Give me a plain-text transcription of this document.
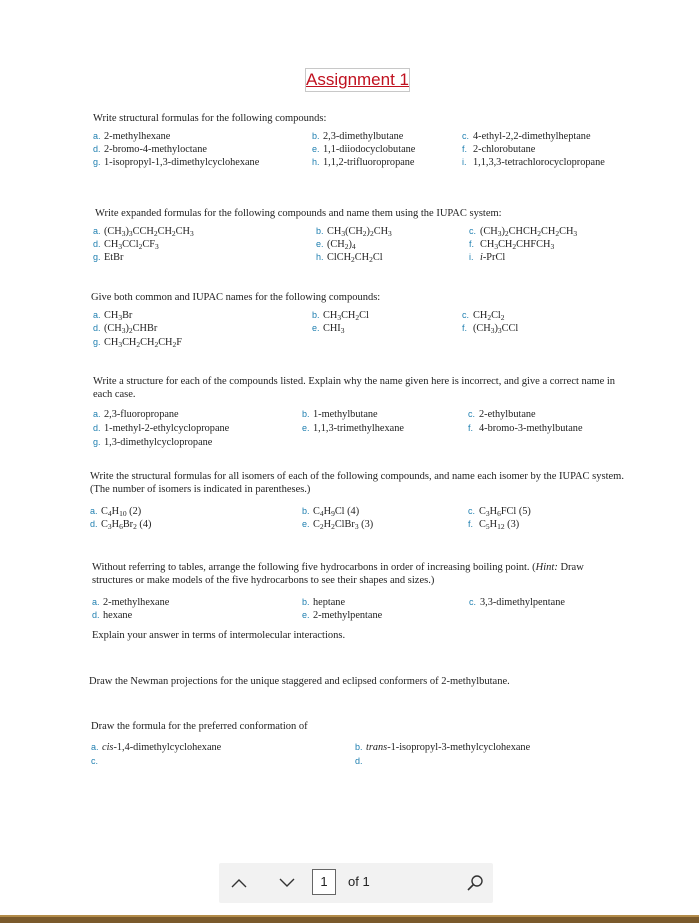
Assignment 1
Write structural formulas for the following compounds:
a. 2-methylhexane	b. 2,3-dimethylbutane	c. 4-ethyl-2,2-dimethylheptane
d. 2-bromo-4-methyloctane	e. 1,1-diiodocyclobutane	f. 2-chlorobutane
g. 1-isopropyl-1,3-dimethylcyclohexane	h. 1,1,2-trifluoropropane	i. 1,1,3,3-tetrachlorocyclopropane
Write expanded formulas for the following compounds and name them using the IUPAC system:
a. $(CH_3)_3CCH_2CH_2CH_3$	b. $CH_3(CH_2)_2CH_3$	c. $(CH_3)_2CHCH_2CH_2CH_3$
d. $CH_3CCl_2CF_3$	e. $(CH_2)_4$	f. $CH_3CH_2CHFCH_3$
g. EtBr	h. $ClCH_2CH_2Cl$	i. i-PrCl
Give both common and IUPAC names for the following compounds:
a. $CH_3Br$	b. $CH_3CH_2Cl$	c. $CH_2Cl_2$
d. $(CH_3)_2CHBr$	e. $CHI_3$	f. $(CH_3)_3CCl$
g. $CH_3CH_2CH_2CH_2F$
Write a structure for each of the compounds listed. Explain why the name given here is incorrect, and give a correct name in each case.
a. 2,3-fluoropropane	b. 1-methylbutane	c. 2-ethylbutane
d. 1-methyl-2-ethylcyclopropane	e. 1,1,3-trimethylhexane	f. 4-bromo-3-methylbutane
g. 1,3-dimethylcyclopropane
Write the structural formulas for all isomers of each of the following compounds, and name each isomer by the IUPAC system. (The number of isomers is indicated in parentheses.)
a. $C_4H_{10}$ (2)	b. $C_4H_9Cl$ (4)	c. $C_3H_6FCl$ (5)
d. $C_3H_6Br_2$ (4)	e. $C_2H_2ClBr_3$ (3)	f. $C_5H_{12}$ (3)
Without referring to tables, arrange the following five hydrocarbons in order of increasing boiling point. (Hint: Draw structures or make models of the five hydrocarbons to see their shapes and sizes.)
a. 2-methylhexane	b. heptane	c. 3,3-dimethylpentane
d. hexane	e. 2-methylpentane
Explain your answer in terms of intermolecular interactions.
Draw the Newman projections for the unique staggered and eclipsed conformers of 2-methylbutane.
Draw the formula for the preferred conformation of
a. cis-1,4-dimethylcyclohexane	b. trans-1-isopropyl-3-methylcyclohexane
c.	d.
1	of 1
